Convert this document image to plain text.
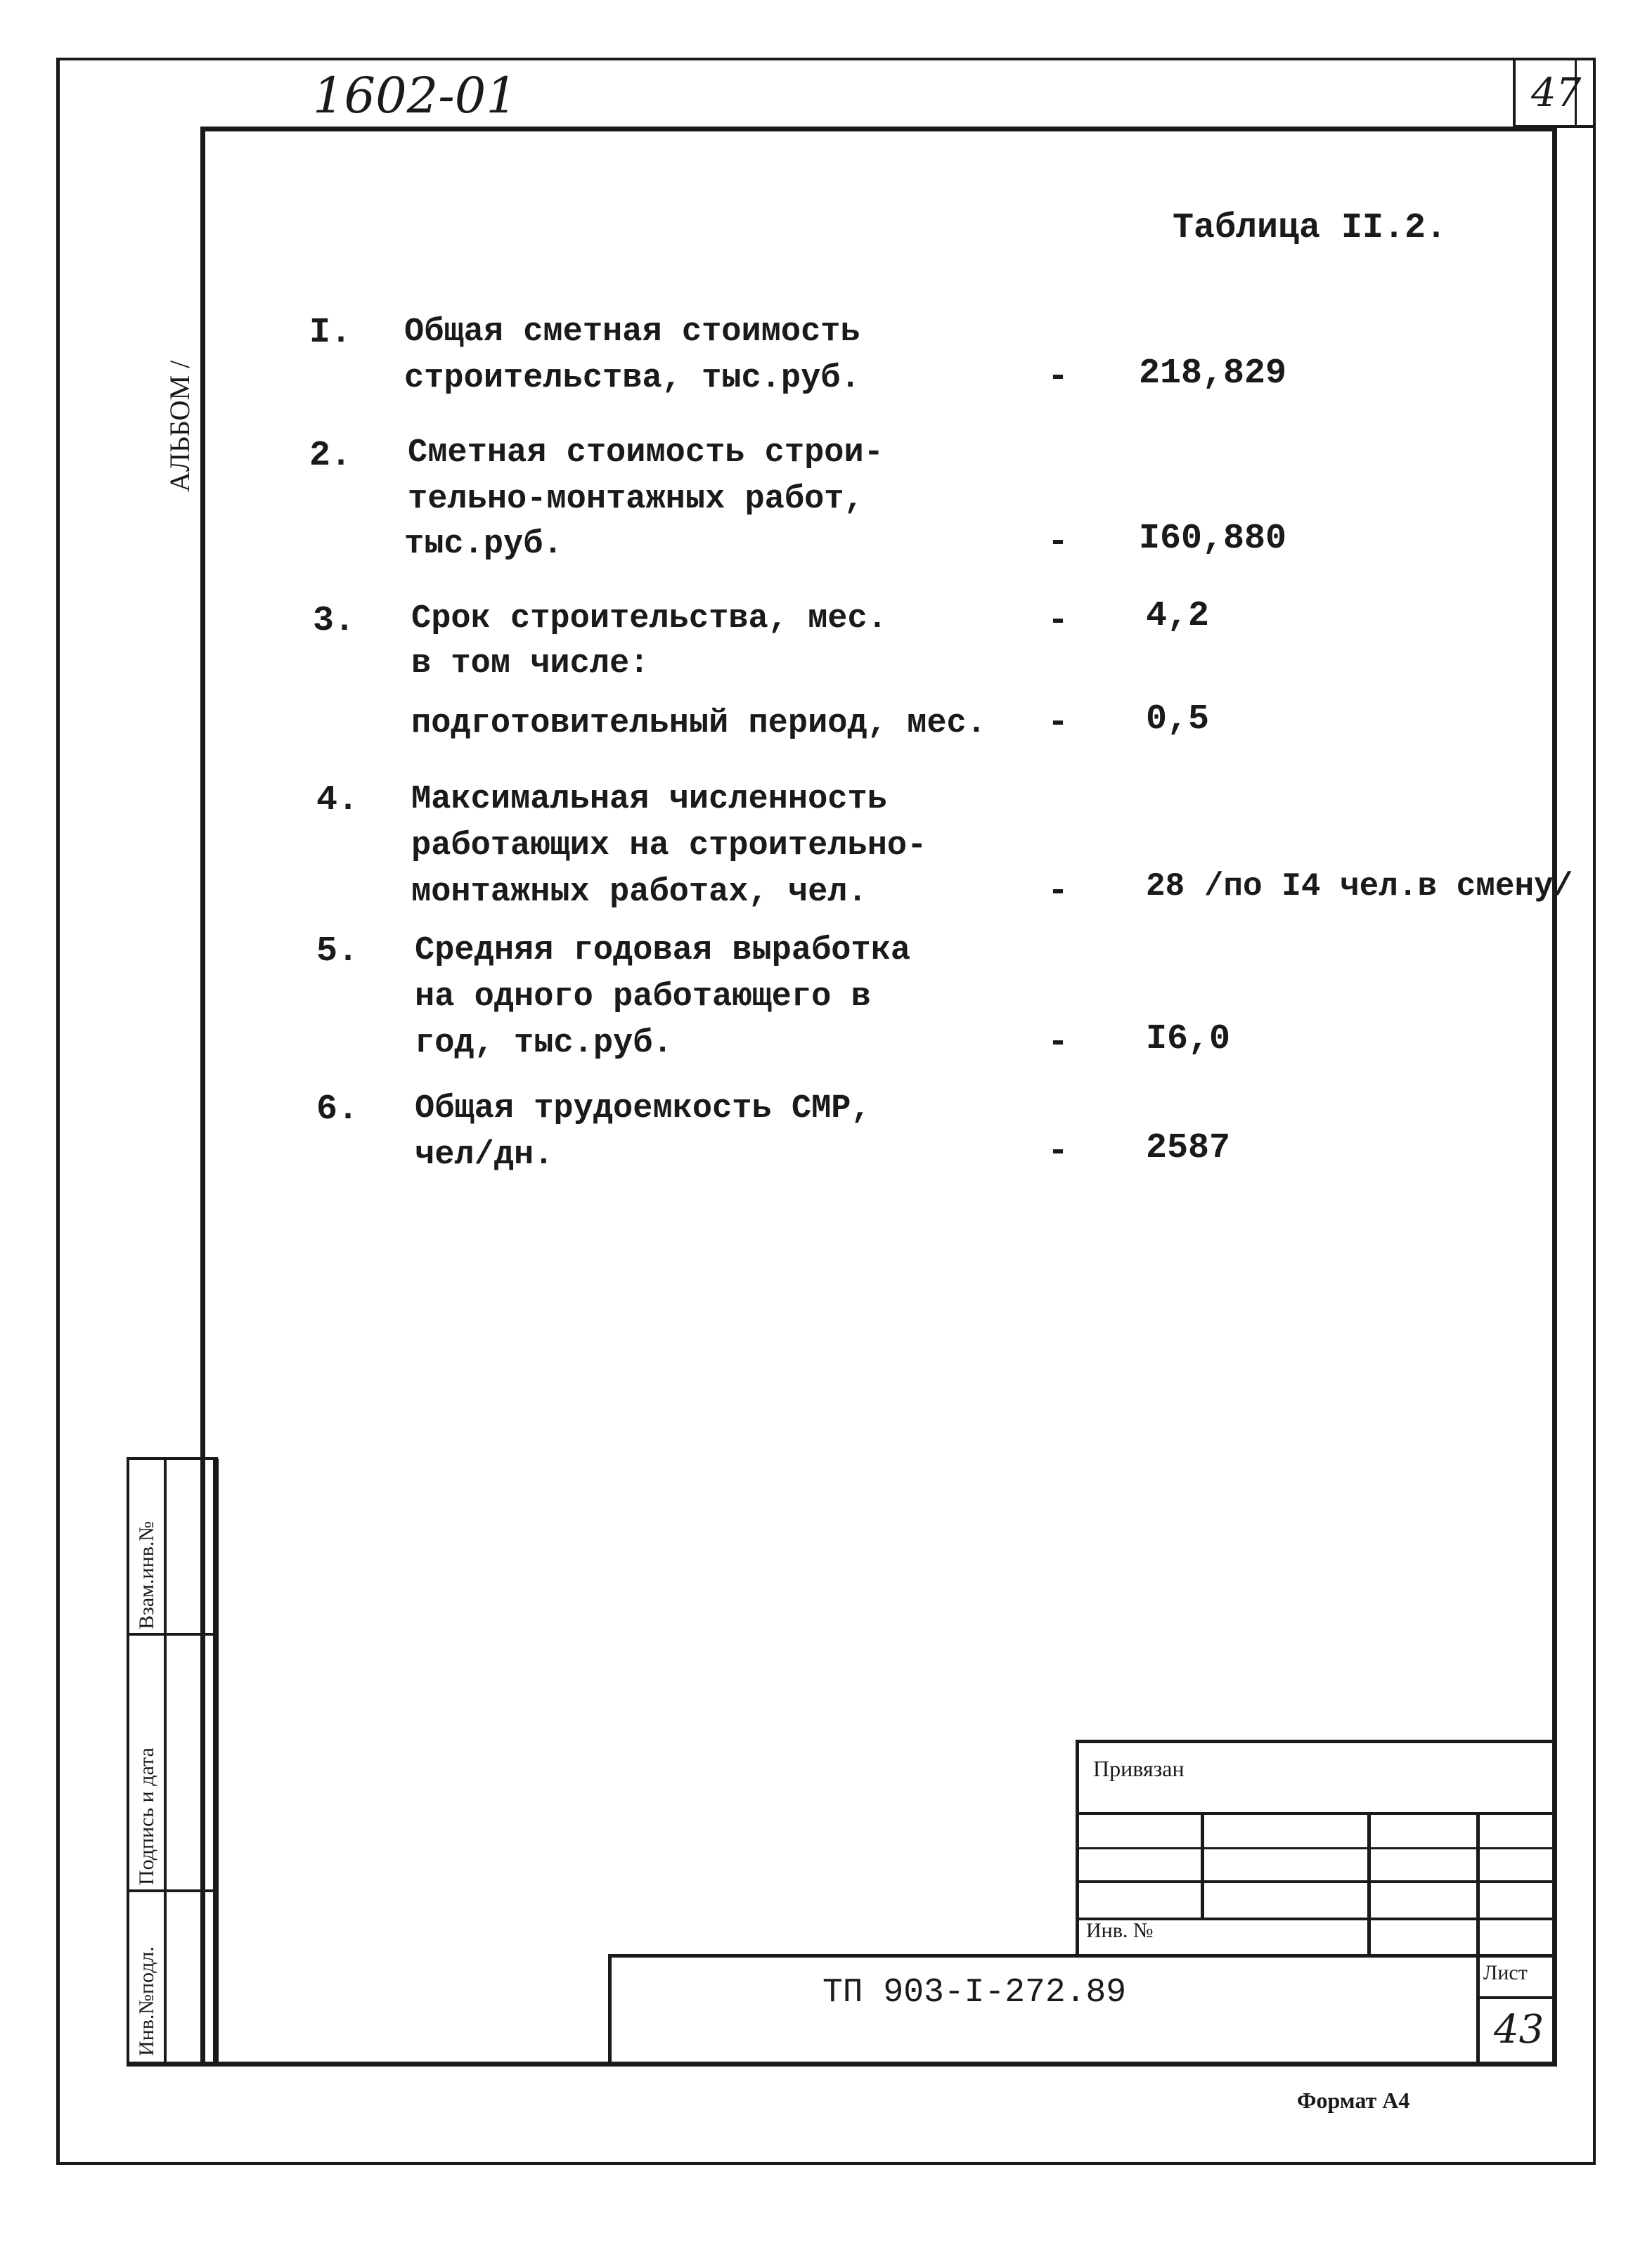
1602-01	47
АЛЬБОМ /
Взам.инв.№
Подпись и дата
Инв.№подл.
Таблица II.2.
I. Общая сметная стоимость
строительства, тыс.руб.	- 218,829
2. Сметная стоимость строи-
тельно-монтажных работ,
тыс.руб.	- I60,880
3. Срок строительства, мес.
в том числе:
- 4,2
подготовительный период, мес. - 0,5
4. Максимальная численность
работающих на строительно-
монтажных работах, чел.	- 28 /по I4 чел.в смену/
5. Средняя годовая выработка
на одного работающего в
год, тыс.руб.	- I6,0
6. Общая трудоемкость СМР,
чел/дн.	- 2587
Привязан
Инв. №
ТП 903-I-272.89
Лист
43
Формат А4
